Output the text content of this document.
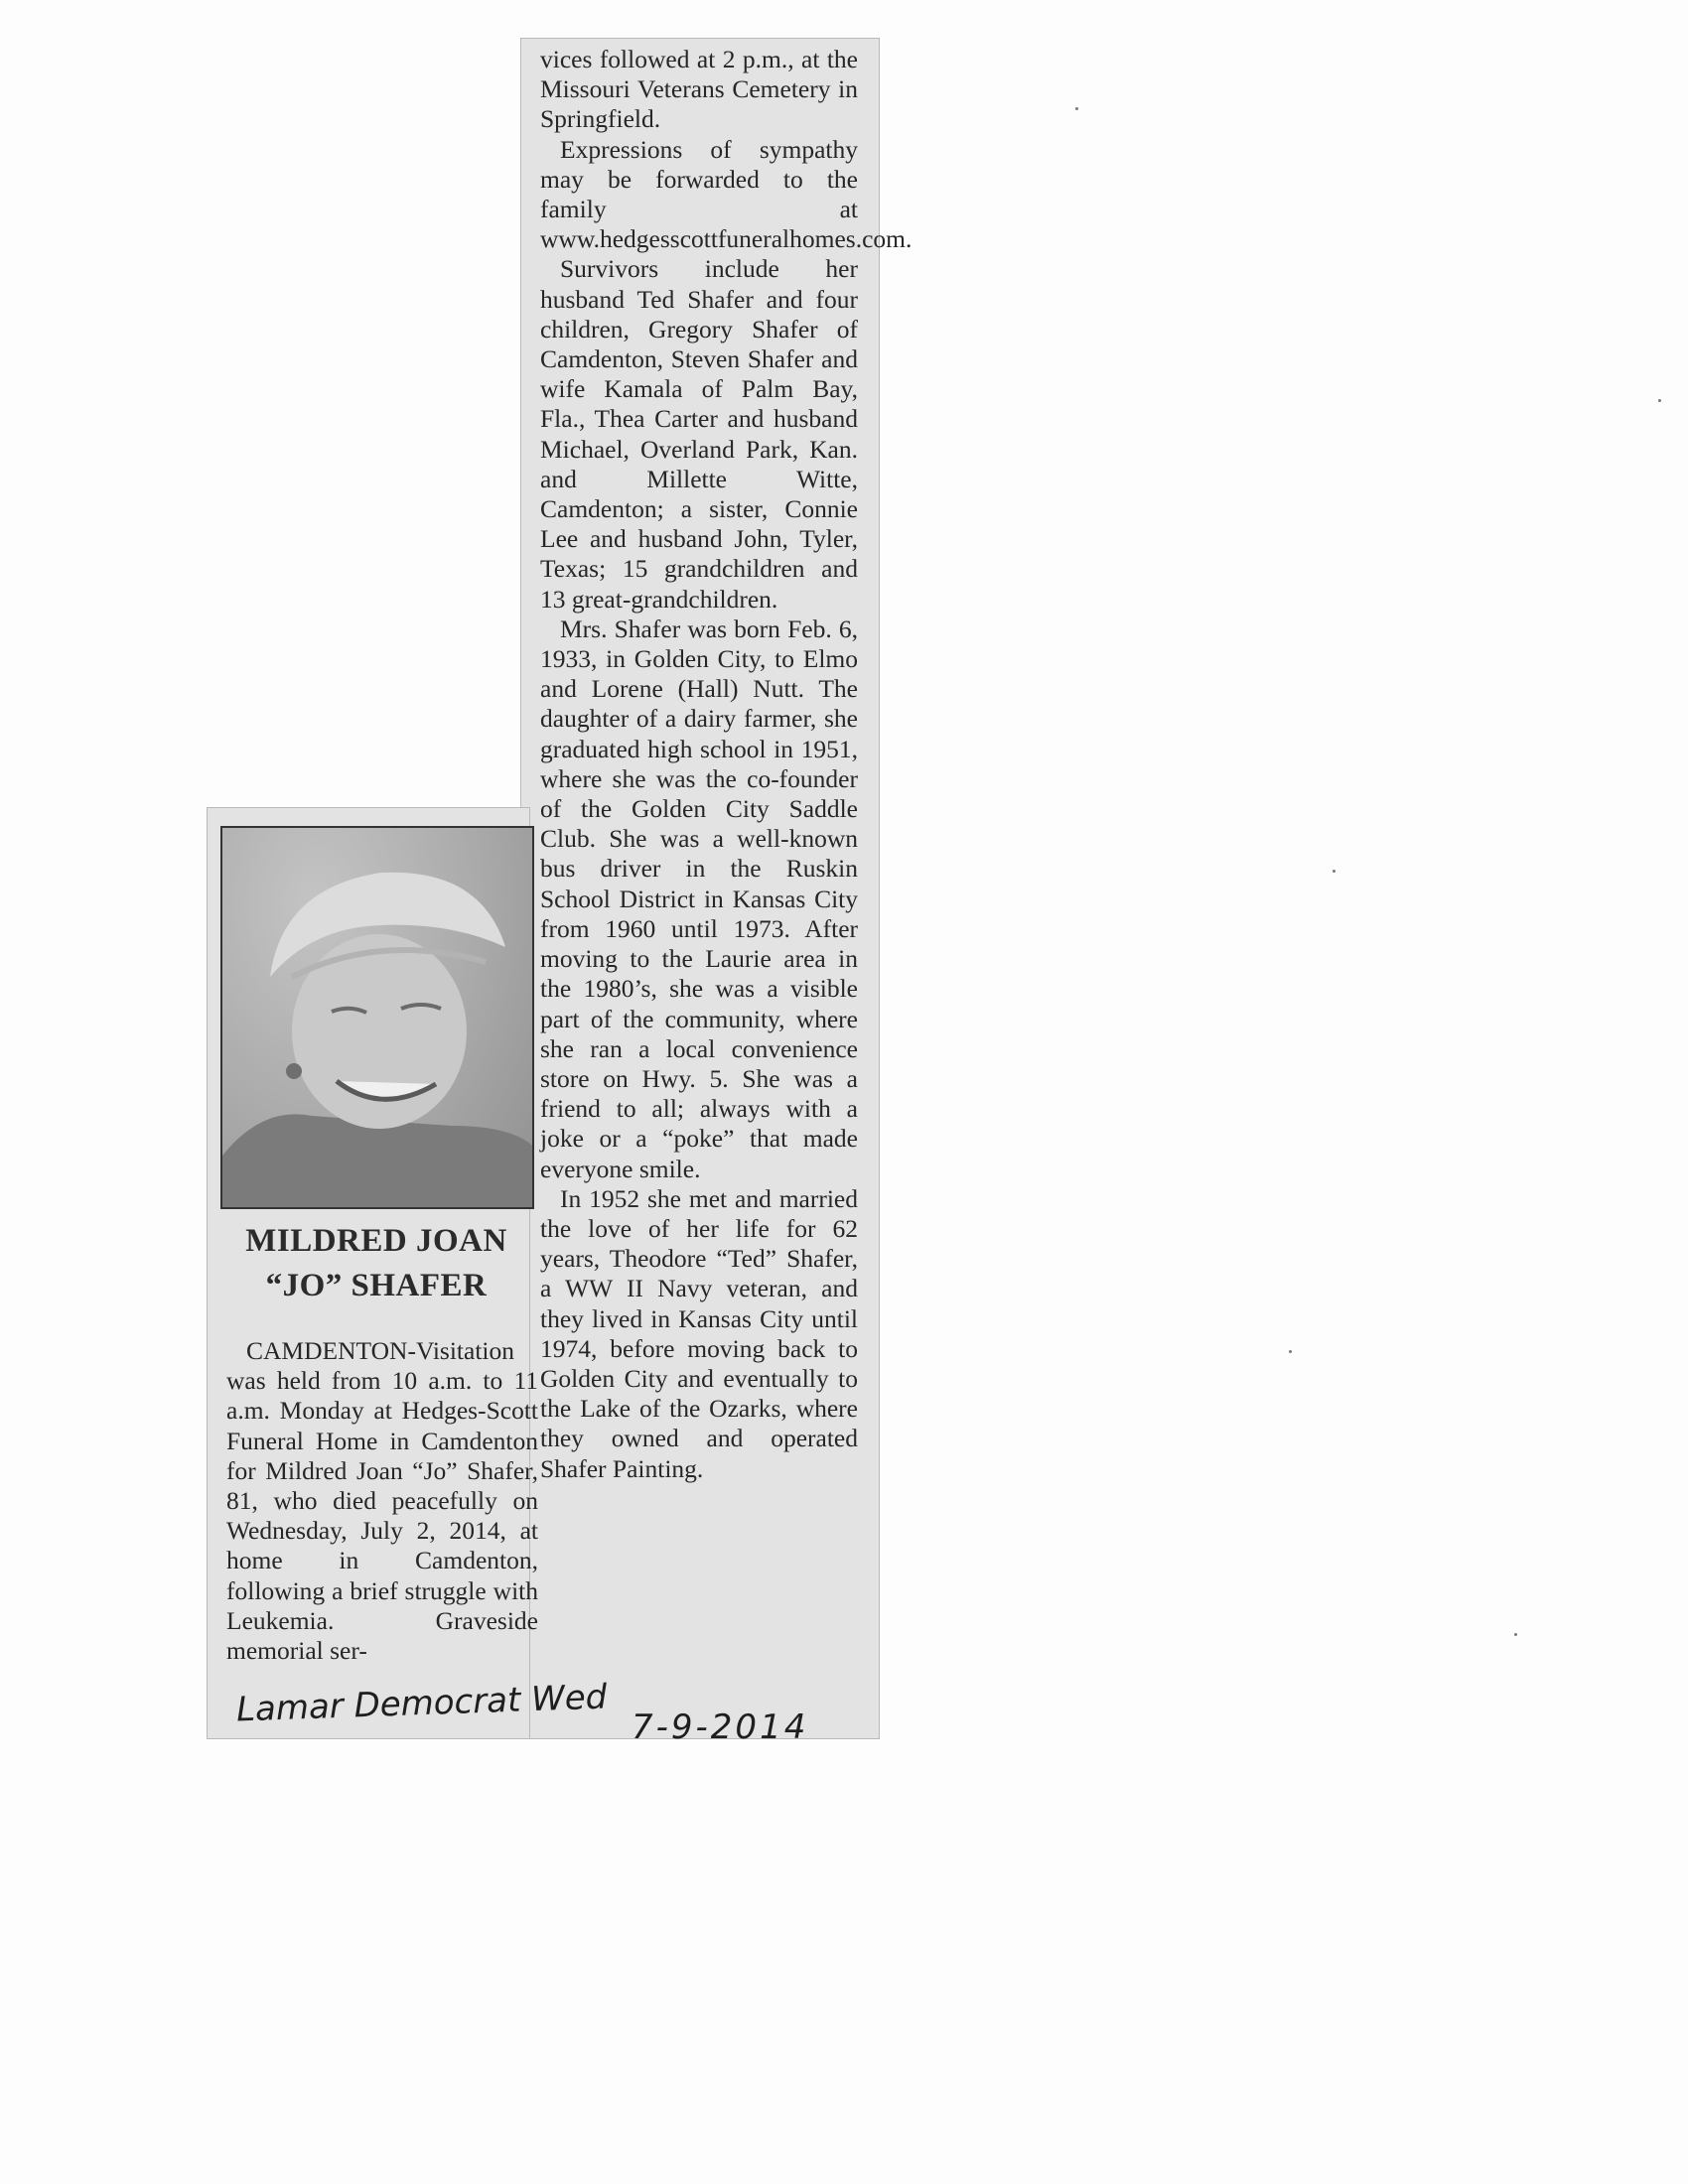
MILDRED JOAN
“JO” SHAFER

CAMDENTON-Visitation was held from 10 a.m. to 11 a.m. Monday at Hedges-Scott Funeral Home in Camdenton for Mildred Joan “Jo” Shafer, 81, who died peacefully on Wednesday, July 2, 2014, at home in Camdenton, following a brief struggle with Leukemia. Graveside memorial ser-

vices followed at 2 p.m., at the Missouri Veterans Cemetery in Springfield.

Expressions of sympathy may be forwarded to the family at www.hedgesscottfuneralhomes.com.

Survivors include her husband Ted Shafer and four children, Gregory Shafer of Camdenton, Steven Shafer and wife Kamala of Palm Bay, Fla., Thea Carter and husband Michael, Overland Park, Kan. and Millette Witte, Camdenton; a sister, Connie Lee and husband John, Tyler, Texas; 15 grandchildren and 13 great-grandchildren.

Mrs. Shafer was born Feb. 6, 1933, in Golden City, to Elmo and Lorene (Hall) Nutt. The daughter of a dairy farmer, she graduated high school in 1951, where she was the co-founder of the Golden City Saddle Club. She was a well-known bus driver in the Ruskin School District in Kansas City from 1960 until 1973. After moving to the Laurie area in the 1980’s, she was a visible part of the community, where she ran a local convenience store on Hwy. 5. She was a friend to all; always with a joke or a “poke” that made everyone smile.

In 1952 she met and married the love of her life for 62 years, Theodore “Ted” Shafer, a WW II Navy veteran, and they lived in Kansas City until 1974, before moving back to Golden City and eventually to the Lake of the Ozarks, where they owned and operated Shafer Painting.

Lamar Democrat Wed 7-9-2014
